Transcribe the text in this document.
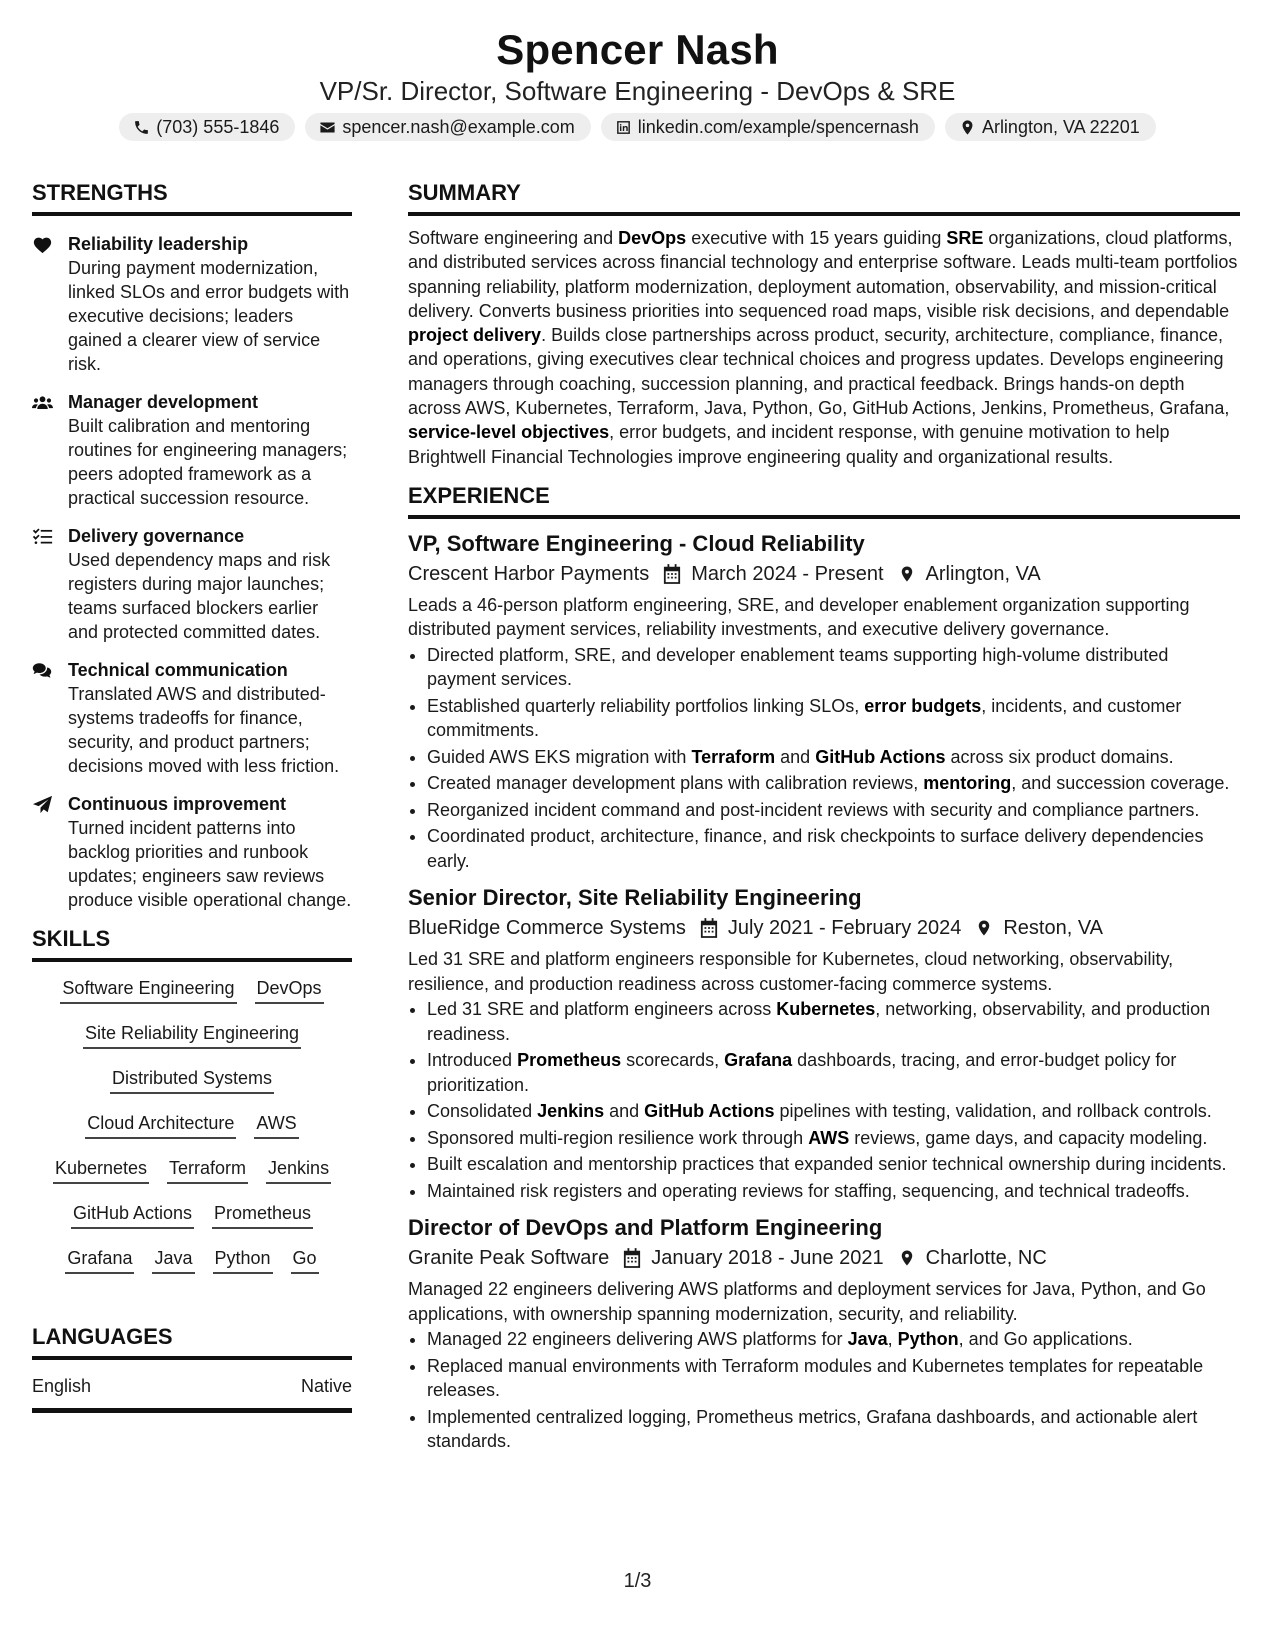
Spencer Nash
VP/Sr. Director, Software Engineering - DevOps & SRE
(703) 555-1846	spencer.nash@example.com	linkedin.com/example/spencernash	Arlington, VA 22201
STRENGTHS
Reliability leadership
During payment modernization, linked SLOs and error budgets with executive decisions; leaders gained a clearer view of service risk.
Manager development
Built calibration and mentoring routines for engineering managers; peers adopted framework as a practical succession resource.
Delivery governance
Used dependency maps and risk registers during major launches; teams surfaced blockers earlier and protected committed dates.
Technical communication
Translated AWS and distributed-systems tradeoffs for finance, security, and product partners; decisions moved with less friction.
Continuous improvement
Turned incident patterns into backlog priorities and runbook updates; engineers saw reviews produce visible operational change.
SKILLS
Software Engineering DevOps
Site Reliability Engineering
Distributed Systems
Cloud Architecture AWS
Kubernetes Terraform Jenkins
GitHub Actions Prometheus
Grafana Java Python Go
LANGUAGES
English	Native
SUMMARY
Software engineering and DevOps executive with 15 years guiding SRE organizations, cloud platforms, and distributed services across financial technology and enterprise software. Leads multi-team portfolios spanning reliability, platform modernization, deployment automation, observability, and mission-critical delivery. Converts business priorities into sequenced road maps, visible risk decisions, and dependable project delivery. Builds close partnerships across product, security, architecture, compliance, finance, and operations, giving executives clear technical choices and progress updates. Develops engineering managers through coaching, succession planning, and practical feedback. Brings hands-on depth across AWS, Kubernetes, Terraform, Java, Python, Go, GitHub Actions, Jenkins, Prometheus, Grafana, service-level objectives, error budgets, and incident response, with genuine motivation to help Brightwell Financial Technologies improve engineering quality and organizational results.
EXPERIENCE
VP, Software Engineering - Cloud Reliability
Crescent Harbor Payments March 2024 - Present Arlington, VA
Leads a 46-person platform engineering, SRE, and developer enablement organization supporting distributed payment services, reliability investments, and executive delivery governance.
• Directed platform, SRE, and developer enablement teams supporting high-volume distributed payment services.
• Established quarterly reliability portfolios linking SLOs, error budgets, incidents, and customer commitments.
• Guided AWS EKS migration with Terraform and GitHub Actions across six product domains.
• Created manager development plans with calibration reviews, mentoring, and succession coverage.
• Reorganized incident command and post-incident reviews with security and compliance partners.
• Coordinated product, architecture, finance, and risk checkpoints to surface delivery dependencies early.
Senior Director, Site Reliability Engineering
BlueRidge Commerce Systems July 2021 - February 2024 Reston, VA
Led 31 SRE and platform engineers responsible for Kubernetes, cloud networking, observability, resilience, and production readiness across customer-facing commerce systems.
• Led 31 SRE and platform engineers across Kubernetes, networking, observability, and production readiness.
• Introduced Prometheus scorecards, Grafana dashboards, tracing, and error-budget policy for prioritization.
• Consolidated Jenkins and GitHub Actions pipelines with testing, validation, and rollback controls.
• Sponsored multi-region resilience work through AWS reviews, game days, and capacity modeling.
• Built escalation and mentorship practices that expanded senior technical ownership during incidents.
• Maintained risk registers and operating reviews for staffing, sequencing, and technical tradeoffs.
Director of DevOps and Platform Engineering
Granite Peak Software January 2018 - June 2021 Charlotte, NC
Managed 22 engineers delivering AWS platforms and deployment services for Java, Python, and Go applications, with ownership spanning modernization, security, and reliability.
• Managed 22 engineers delivering AWS platforms for Java, Python, and Go applications.
• Replaced manual environments with Terraform modules and Kubernetes templates for repeatable releases.
• Implemented centralized logging, Prometheus metrics, Grafana dashboards, and actionable alert standards.
1/3
